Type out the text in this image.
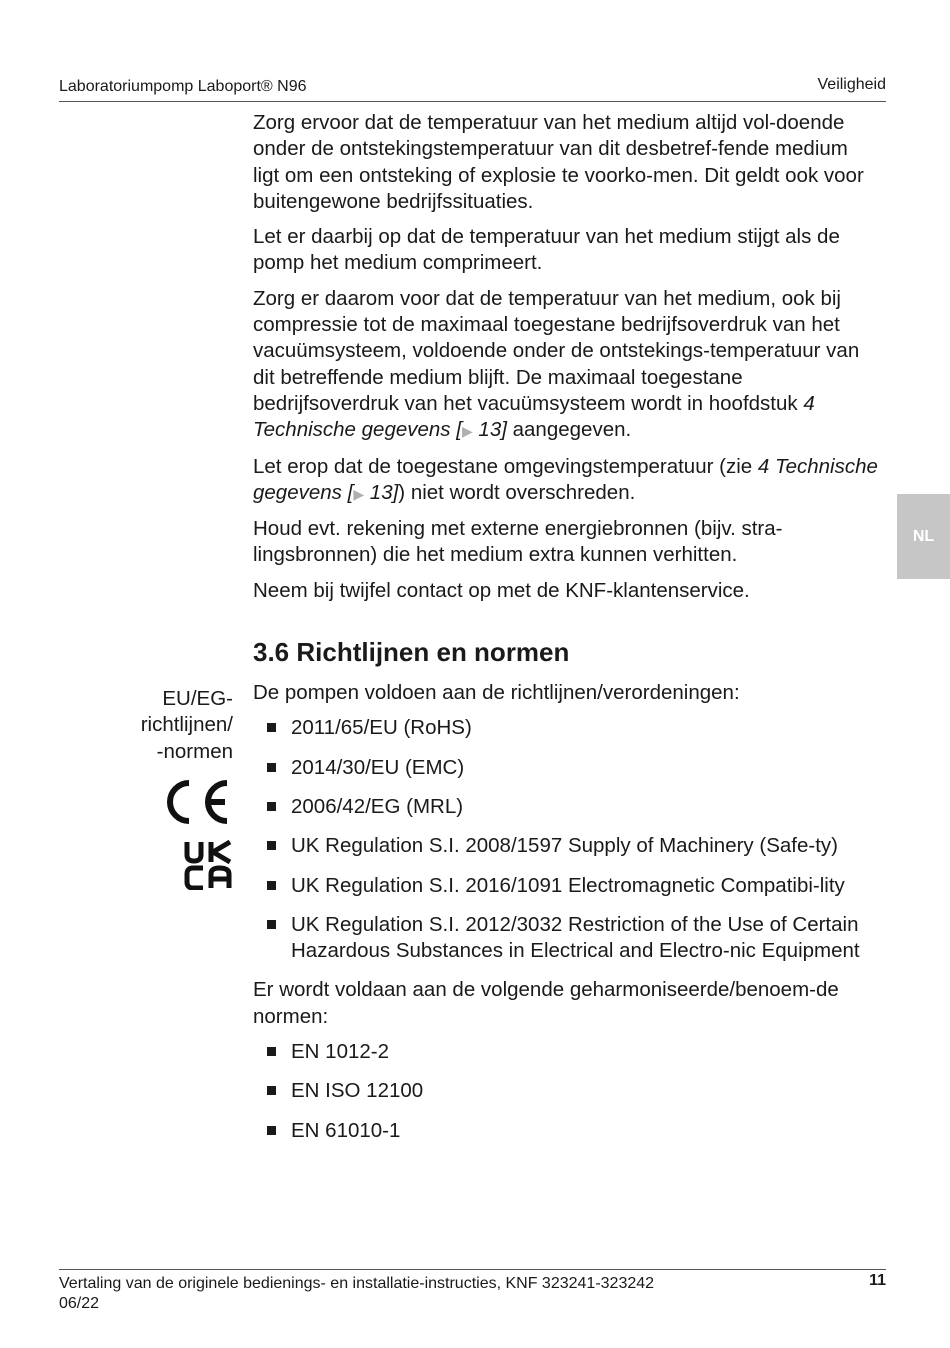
Laboratoriumpomp Laboport® N96	Veiligheid
NL

Zorg ervoor dat de temperatuur van het medium altijd vol-doende onder de ontstekingstemperatuur van dit desbetref-fende medium ligt om een ontsteking of explosie te voorko-men. Dit geldt ook voor buitengewone bedrijfssituaties.

Let er daarbij op dat de temperatuur van het medium stijgt als de pomp het medium comprimeert.

Zorg er daarom voor dat de temperatuur van het medium, ook bij compressie tot de maximaal toegestane bedrijfsoverdruk van het vacuümsysteem, voldoende onder de ontstekings-temperatuur van dit betreffende medium blijft. De maximaal toegestane bedrijfsoverdruk van het vacuümsysteem wordt in hoofdstuk 4 Technische gegevens [▶ 13] aangegeven.

Let erop dat de toegestane omgevingstemperatuur (zie 4 Technische gegevens [▶ 13]) niet wordt overschreden.

Houd evt. rekening met externe energiebronnen (bijv. stra-lingsbronnen) die het medium extra kunnen verhitten.

Neem bij twijfel contact op met de KNF-klantenservice.

3.6 Richtlijnen en normen

De pompen voldoen aan de richtlijnen/verordeningen:

2011/65/EU (RoHS)
2014/30/EU (EMC)
2006/42/EG (MRL)
UK Regulation S.I. 2008/1597 Supply of Machinery (Safe-ty)
UK Regulation S.I. 2016/1091 Electromagnetic Compatibi-lity
UK Regulation S.I. 2012/3032 Restriction of the Use of Certain Hazardous Substances in Electrical and Electro-nic Equipment

Er wordt voldaan aan de volgende geharmoniseerde/benoem-de normen:

EN 1012-2
EN ISO 12100
EN 61010-1
EU/EG-
richtlijnen/
-normen
Vertaling van de originele bedienings- en installatie-instructies, KNF 323241-323242
06/22
11
